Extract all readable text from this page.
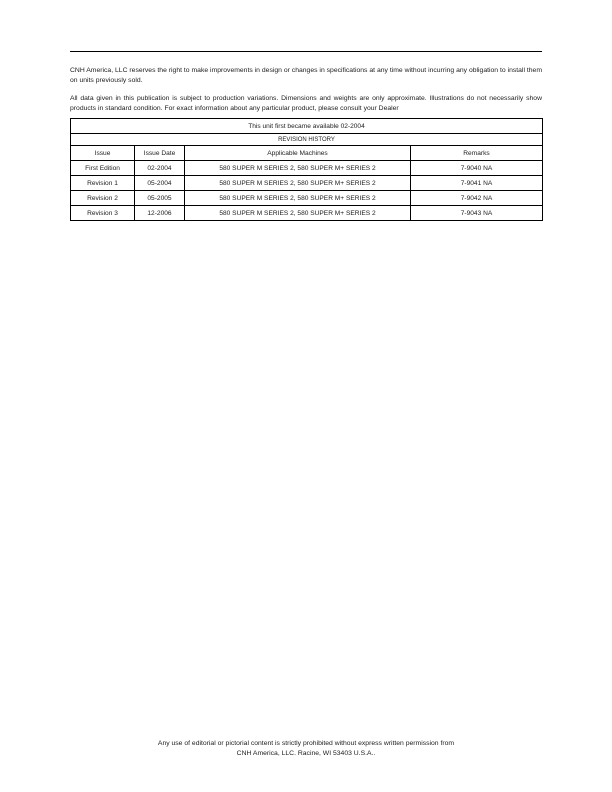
CNH America, LLC reserves the right to make improvements in design or changes in specifications at any time without incurring any obligation to install them on units previously sold.

All data given in this publication is subject to production variations. Dimensions and weights are only approximate. Illustrations do not necessarily show products in standard condition. For exact information about any particular product, please consult your Dealer

This unit first became available 02-2004			
REVISION HISTORY			
Issue	Issue Date	Applicable Machines	Remarks
First Edition	02-2004	580 SUPER M SERIES 2, 580 SUPER M+ SERIES 2	7-9040 NA
Revision 1	05-2004	580 SUPER M SERIES 2, 580 SUPER M+ SERIES 2	7-9041 NA
Revision 2	05-2005	580 SUPER M SERIES 2, 580 SUPER M+ SERIES 2	7-9042 NA
Revision 3	12-2006	580 SUPER M SERIES 2, 580 SUPER M+ SERIES 2	7-9043 NA
Any use of editorial or pictorial content is strictly prohibited without express written permission from
CNH America, LLC. Racine, WI 53403 U.S.A..
